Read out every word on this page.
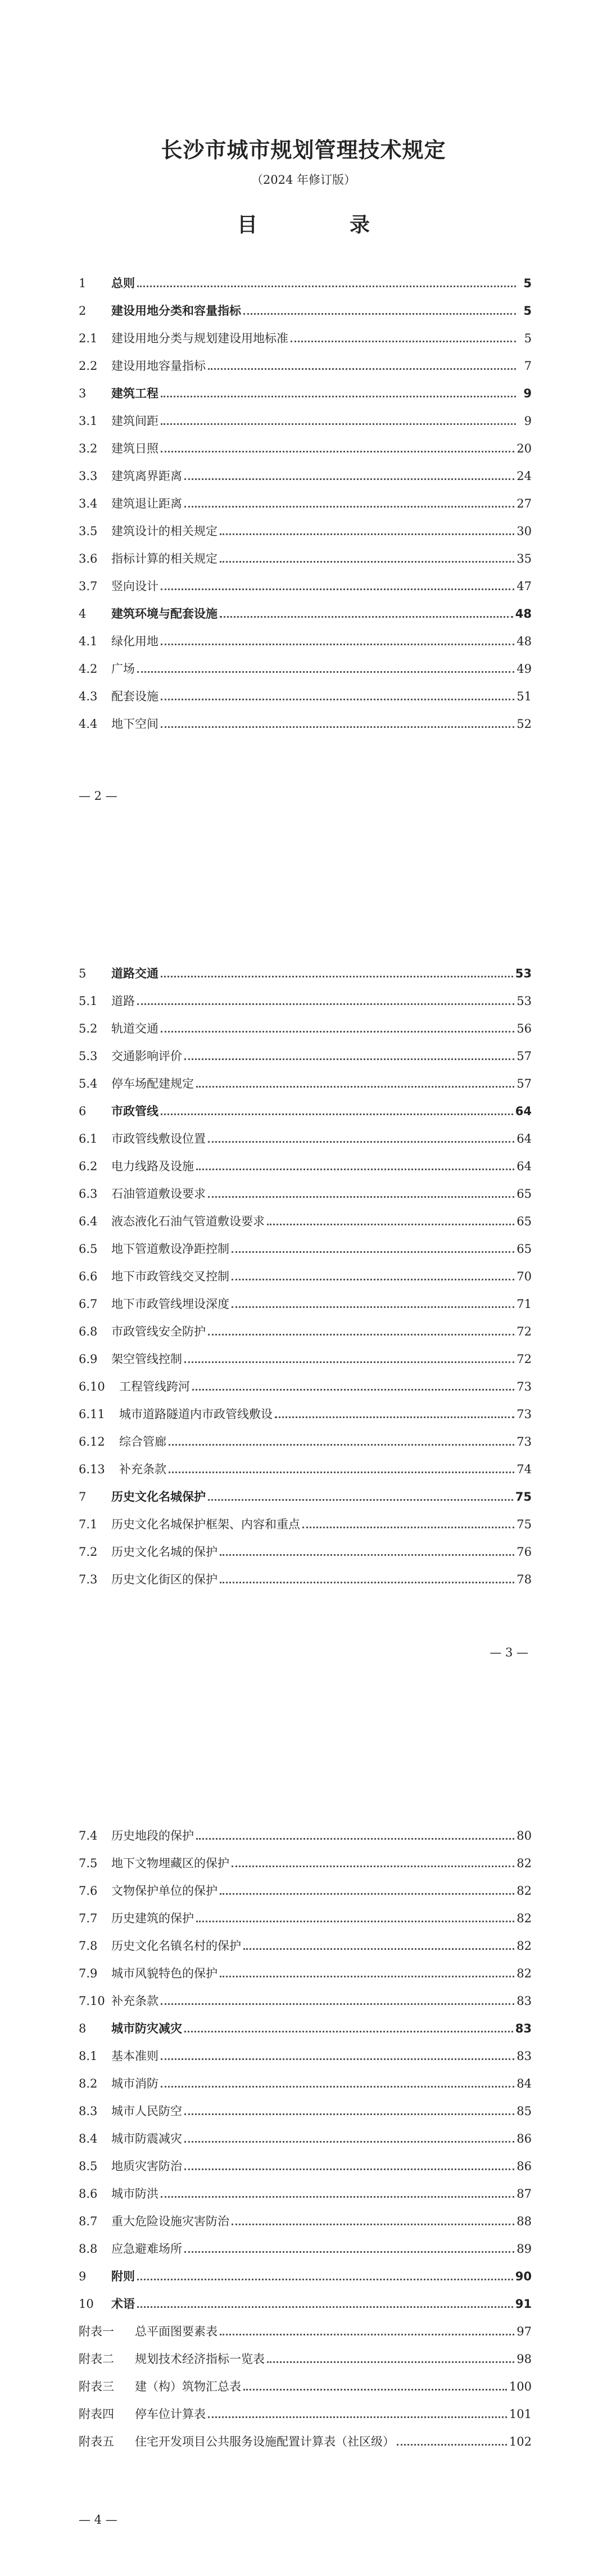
长沙市城市规划管理技术规定
（2024 年修订版）
目　录
1	总则	5
2	建设用地分类和容量指标	5
2.1	建设用地分类与规划建设用地标准	5
2.2	建设用地容量指标	7
3	建筑工程	9
3.1	建筑间距	9
3.2	建筑日照	20
3.3	建筑离界距离	24
3.4	建筑退让距离	27
3.5	建筑设计的相关规定	30
3.6	指标计算的相关规定	35
3.7	竖向设计	47
4	建筑环境与配套设施	48
4.1	绿化用地	48
4.2	广场	49
4.3	配套设施	51
4.4	地下空间	52
— 2 —
5	道路交通	53
5.1	道路	53
5.2	轨道交通	56
5.3	交通影响评价	57
5.4	停车场配建规定	57
6	市政管线	64
6.1	市政管线敷设位置	64
6.2	电力线路及设施	64
6.3	石油管道敷设要求	65
6.4	液态液化石油气管道敷设要求	65
6.5	地下管道敷设净距控制	65
6.6	地下市政管线交叉控制	70
6.7	地下市政管线埋设深度	71
6.8	市政管线安全防护	72
6.9	架空管线控制	72
6.10	工程管线跨河	73
6.11	城市道路隧道内市政管线敷设	73
6.12	综合管廊	73
6.13	补充条款	74
7	历史文化名城保护	75
7.1	历史文化名城保护框架、内容和重点	75
7.2	历史文化名城的保护	76
7.3	历史文化街区的保护	78
— 3 —
7.4	历史地段的保护	80
7.5	地下文物埋藏区的保护	82
7.6	文物保护单位的保护	82
7.7	历史建筑的保护	82
7.8	历史文化名镇名村的保护	82
7.9	城市风貌特色的保护	82
7.10 补充条款	83
8	城市防灾减灾	83
8.1	基本准则	83
8.2	城市消防	84
8.3	城市人民防空	85
8.4	城市防震减灾	86
8.5	地质灾害防治	86
8.6	城市防洪	87
8.7	重大危险设施灾害防治	88
8.8	应急避难场所	89
9	附则	90
10	术语	91
附表一	总平面图要素表	97
附表二	规划技术经济指标一览表	98
附表三	建（构）筑物汇总表	100
附表四	停车位计算表	101
附表五	住宅开发项目公共服务设施配置计算表（社区级）	102
— 4 —
